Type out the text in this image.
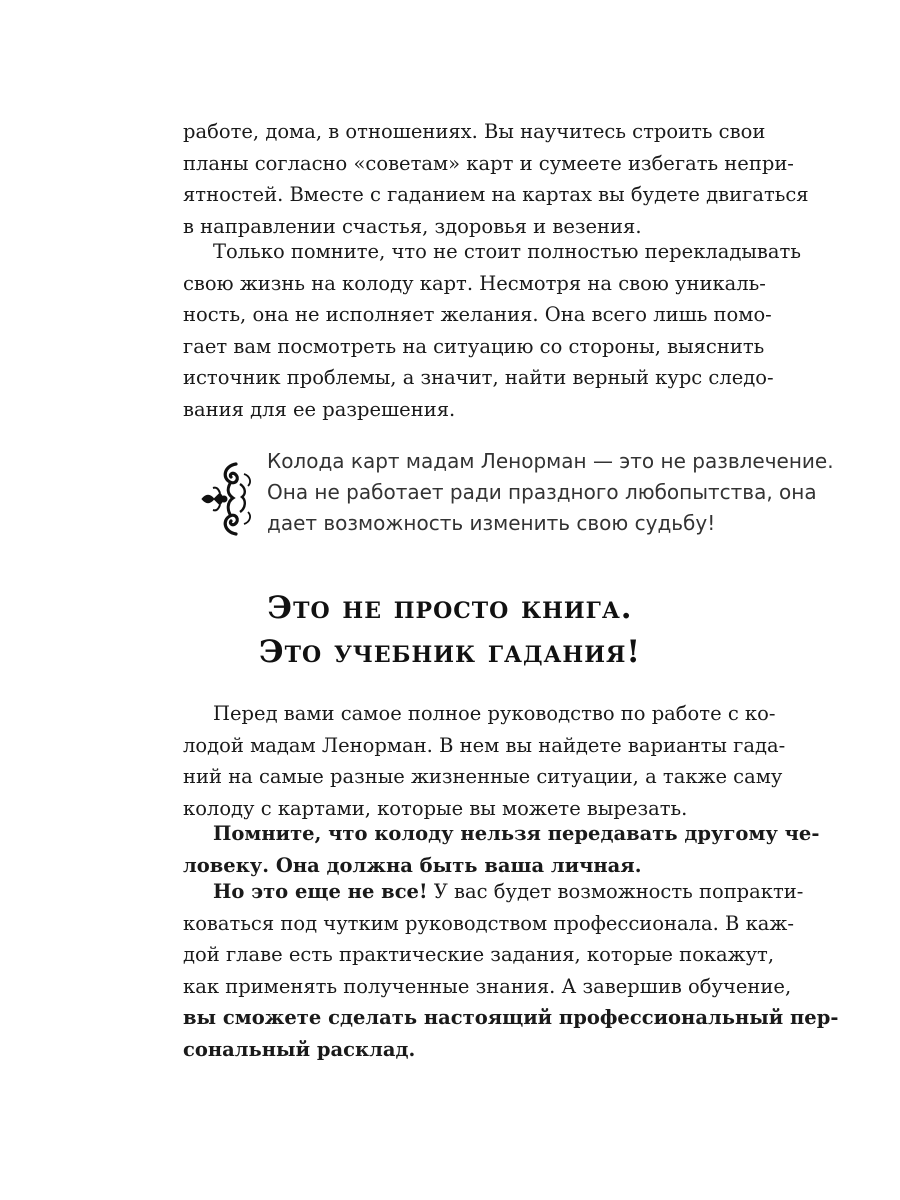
работе, дома, в отношениях. Вы научитесь строить свои
планы согласно «советам» карт и сумеете избегать непри-
ятностей. Вместе с гаданием на картах вы будете двигаться
в направлении счастья, здоровья и везения.

Только помните, что не стоит полностью перекладывать
свою жизнь на колоду карт. Несмотря на свою уникаль-
ность, она не исполняет желания. Она всего лишь помо-
гает вам посмотреть на ситуацию со стороны, выяснить
источник проблемы, а значит, найти верный курс следо-
вания для ее разрешения.

Колода карт мадам Ленорман — это не развлечение.
Она не работает ради праздного любопытства, она
дает возможность изменить свою судьбу!

Это не просто книга.
Это учебник гадания!

Перед вами самое полное руководство по работе с ко-
лодой мадам Ленорман. В нем вы найдете варианты гада-
ний на самые разные жизненные ситуации, а также саму
колоду с картами, которые вы можете вырезать.

Помните, что колоду нельзя передавать другому че-
ловеку. Она должна быть ваша личная.

Но это еще не все! У вас будет возможность попракти-
коваться под чутким руководством профессионала. В каж-
дой главе есть практические задания, которые покажут,
как применять полученные знания. А завершив обучение,
вы сможете сделать настоящий профессиональный пер-
сональный расклад.
